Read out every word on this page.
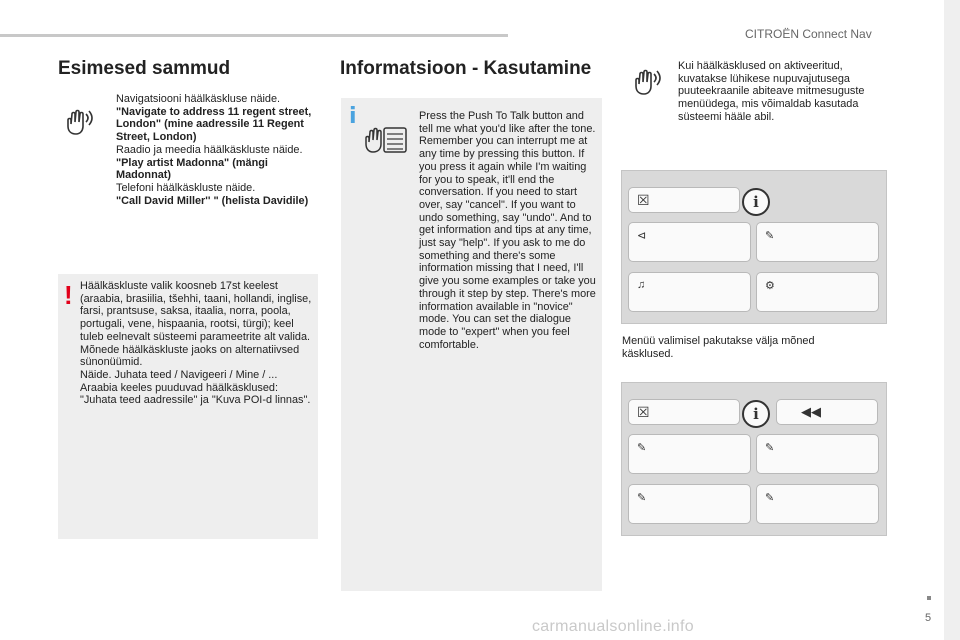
CITROËN Connect Nav
Esimesed sammud
Navigatsiooni häälkäskluse näide.
"Navigate to address 11 regent street, London" (mine aadressile 11 Regent Street, London)
Raadio ja meedia häälkäskluste näide.
"Play artist Madonna" (mängi Madonnat)
Telefoni häälkäskluste näide.
"Call David Miller'' " (helista Davidile)
! Häälkäskluste valik koosneb 17st keelest (araabia, brasiilia, tšehhi, taani, hollandi, inglise, farsi, prantsuse, saksa, itaalia, norra, poola, portugali, vene, hispaania, rootsi, türgi); keel tuleb eelnevalt süsteemi parameetrite alt valida.
Mõnede häälkäskluste jaoks on alternatiivsed sünonüümid.
Näide. Juhata teed / Navigeeri / Mine / ...
Araabia keeles puuduvad häälkäsklused: "Juhata teed aadressile" ja "Kuva POI-d linnas".
Informatsioon - Kasutamine
i	Press the Push To Talk button and tell me what you'd like after the tone. Remember you can interrupt me at any time by pressing this button. If you press it again while I'm waiting for you to speak, it'll end the conversation. If you need to start over, say "cancel". If you want to undo something, say "undo". And to get information and tips at any time, just say "help". If you ask to me do something and there's some information missing that I need, I'll give you some examples or take you through it step by step. There's more information available in "novice" mode. You can set the dialogue mode to "expert" when you feel comfortable.
Kui häälkäsklused on aktiveeritud, kuvatakse lühikese nupuvajutusega puuteekraanile abiteave mitmesuguste menüüdega, mis võimaldab kasutada süsteemi hääle abil.
☒	i
⊲	✎
♫	⚙
Menüü valimisel pakutakse välja mõned käsklused.
☒	i	◀◀
✎	✎
✎	✎
5
carmanualsonline.info
